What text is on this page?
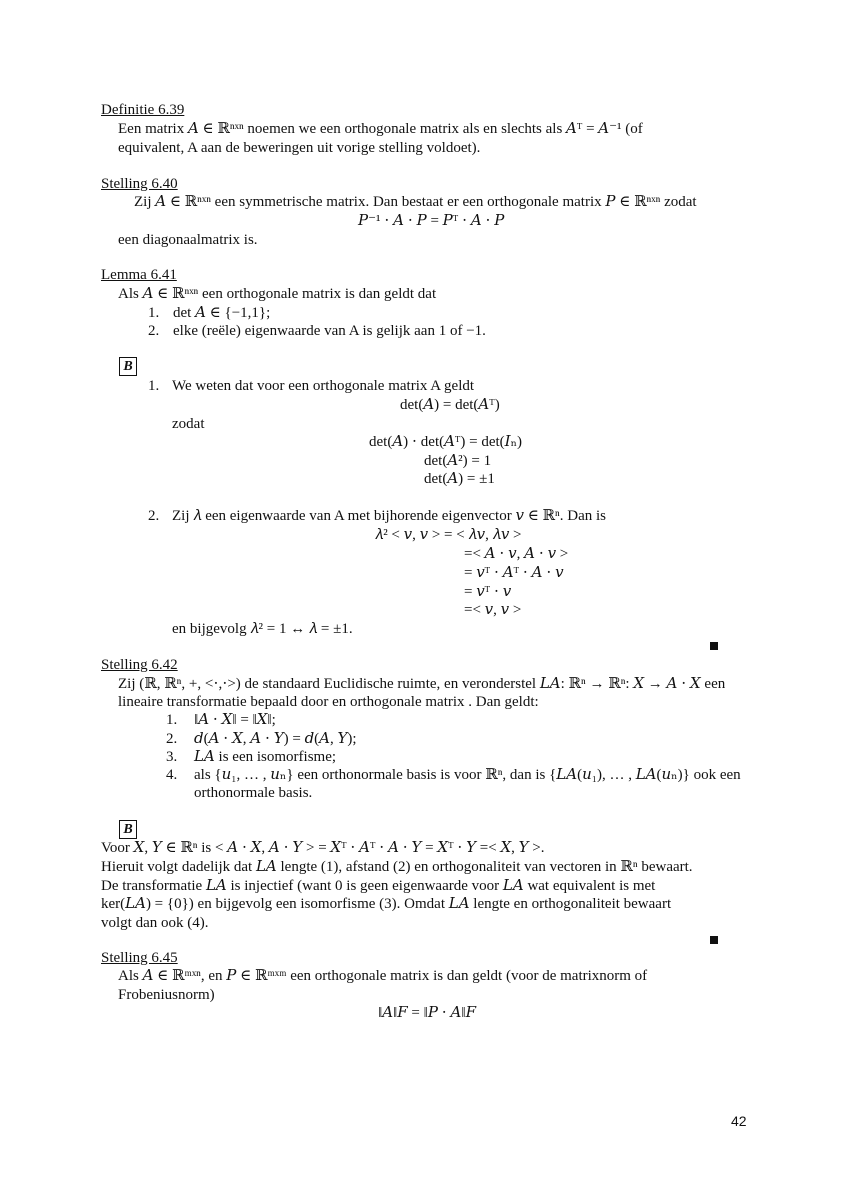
Definitie 6.39
Een matrix 𝐴 ∈ ℝⁿˣⁿ noemen we een orthogonale matrix als en slechts als 𝐴ᵀ = 𝐴⁻¹ (of
equivalent, A aan de beweringen uit vorige stelling voldoet).
Stelling 6.40
Zij 𝐴 ∈ ℝⁿˣⁿ een symmetrische matrix. Dan bestaat er een orthogonale matrix 𝑃 ∈ ℝⁿˣⁿ zodat
𝑃⁻¹ ⋅ 𝐴 ⋅ 𝑃 = 𝑃ᵀ ⋅ 𝐴 ⋅ 𝑃
een diagonaalmatrix is.
Lemma 6.41
Als 𝐴 ∈ ℝⁿˣⁿ een orthogonale matrix is dan geldt dat
1. det 𝐴 ∈ {−1,1};
2. elke (reële) eigenwaarde van A is gelijk aan 1 of −1.
B
1. We weten dat voor een orthogonale matrix A geldt
det(𝐴) = det(𝐴ᵀ)
zodat
det(𝐴) ⋅ det(𝐴ᵀ) = det(𝐼ₙ)
det(𝐴²) = 1
det(𝐴) = ±1
2. Zij 𝜆 een eigenwaarde van A met bijhorende eigenvector 𝑣 ∈ ℝⁿ. Dan is
𝜆² < 𝑣, 𝑣 > = < 𝜆𝑣, 𝜆𝑣 >
=< 𝐴 ⋅ 𝑣, 𝐴 ⋅ 𝑣 >
= 𝑣ᵀ ⋅ 𝐴ᵀ ⋅ 𝐴 ⋅ 𝑣
= 𝑣ᵀ ⋅ 𝑣
=< 𝑣, 𝑣 >
en bijgevolg 𝜆² = 1 ↔ 𝜆 = ±1.
Stelling 6.42
Zij (ℝ, ℝⁿ, +, <⋅,⋅>) de standaard Euclidische ruimte, en veronderstel 𝐿𝐴: ℝⁿ → ℝⁿ: 𝑋 → 𝐴 ⋅ 𝑋 een
lineaire transformatie bepaald door en orthogonale matrix . Dan geldt:
1. ‖𝐴 ⋅ 𝑋‖ = ‖𝑋‖;
2. 𝑑(𝐴 ⋅ 𝑋, 𝐴 ⋅ 𝑌) = 𝑑(𝐴, 𝑌);
3. 𝐿𝐴 is een isomorfisme;
4. als {𝑢₁, … , 𝑢ₙ} een orthonormale basis is voor ℝⁿ, dan is {𝐿𝐴(𝑢₁), … , 𝐿𝐴(𝑢ₙ)} ook een
orthonormale basis.
B
Voor 𝑋, 𝑌 ∈ ℝⁿ is < 𝐴 ⋅ 𝑋, 𝐴 ⋅ 𝑌 > = 𝑋ᵀ ⋅ 𝐴ᵀ ⋅ 𝐴 ⋅ 𝑌 = 𝑋ᵀ ⋅ 𝑌 =< 𝑋, 𝑌 >.
Hieruit volgt dadelijk dat 𝐿𝐴 lengte (1), afstand (2) en orthogonaliteit van vectoren in ℝⁿ bewaart.
De transformatie 𝐿𝐴 is injectief (want 0 is geen eigenwaarde voor 𝐿𝐴 wat equivalent is met
ker(𝐿𝐴) = {0}) en bijgevolg een isomorfisme (3). Omdat 𝐿𝐴 lengte en orthogonaliteit bewaart
volgt dan ook (4).
Stelling 6.45
Als 𝐴 ∈ ℝᵐˣⁿ, en 𝑃 ∈ ℝᵐˣᵐ een orthogonale matrix is dan geldt (voor de matrixnorm of
Frobeniusnorm)
‖𝐴‖𝐹 = ‖𝑃 ⋅ 𝐴‖𝐹
42
